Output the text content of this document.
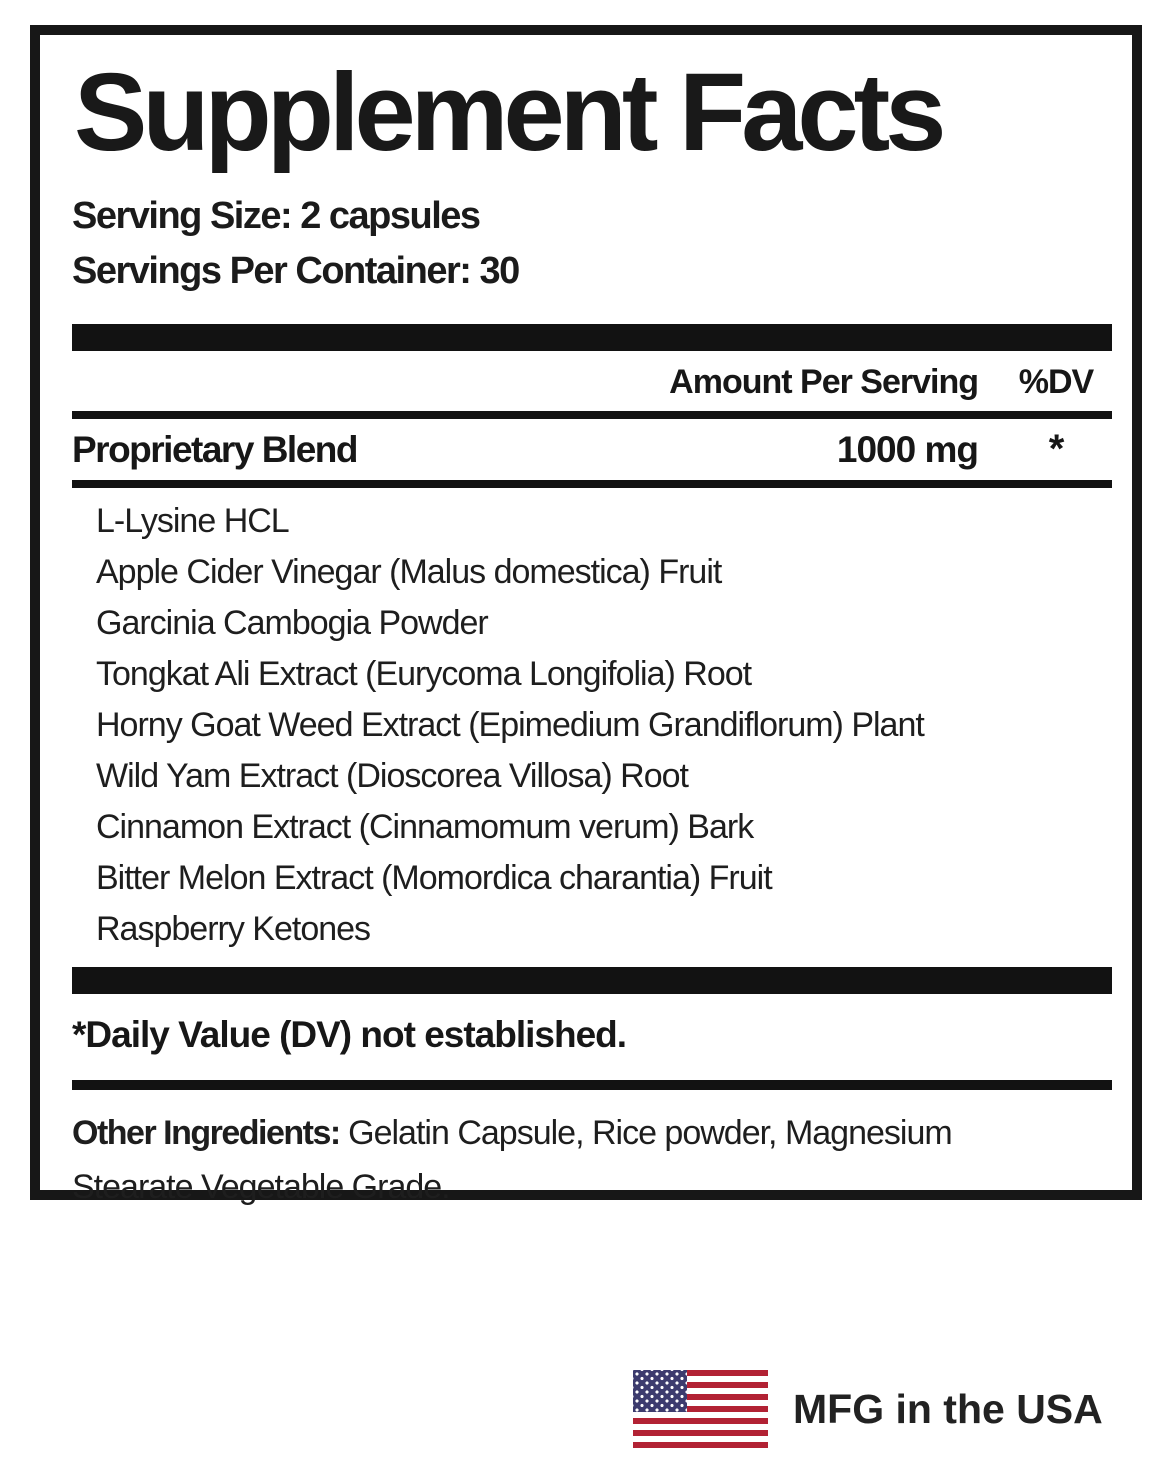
Supplement Facts
Serving Size: 2 capsules
Servings Per Container: 30
Amount Per Serving	%DV
Proprietary Blend	1000 mg	*
L-Lysine HCL
Apple Cider Vinegar (Malus domestica) Fruit
Garcinia Cambogia Powder
Tongkat Ali Extract (Eurycoma Longifolia) Root
Horny Goat Weed Extract (Epimedium Grandiflorum) Plant
Wild Yam Extract (Dioscorea Villosa) Root
Cinnamon Extract (Cinnamomum verum) Bark
Bitter Melon Extract (Momordica charantia) Fruit
Raspberry Ketones
*Daily Value (DV) not established.

Other Ingredients: Gelatin Capsule, Rice powder, Magnesium
Stearate Vegetable Grade.

MFG in the USA
